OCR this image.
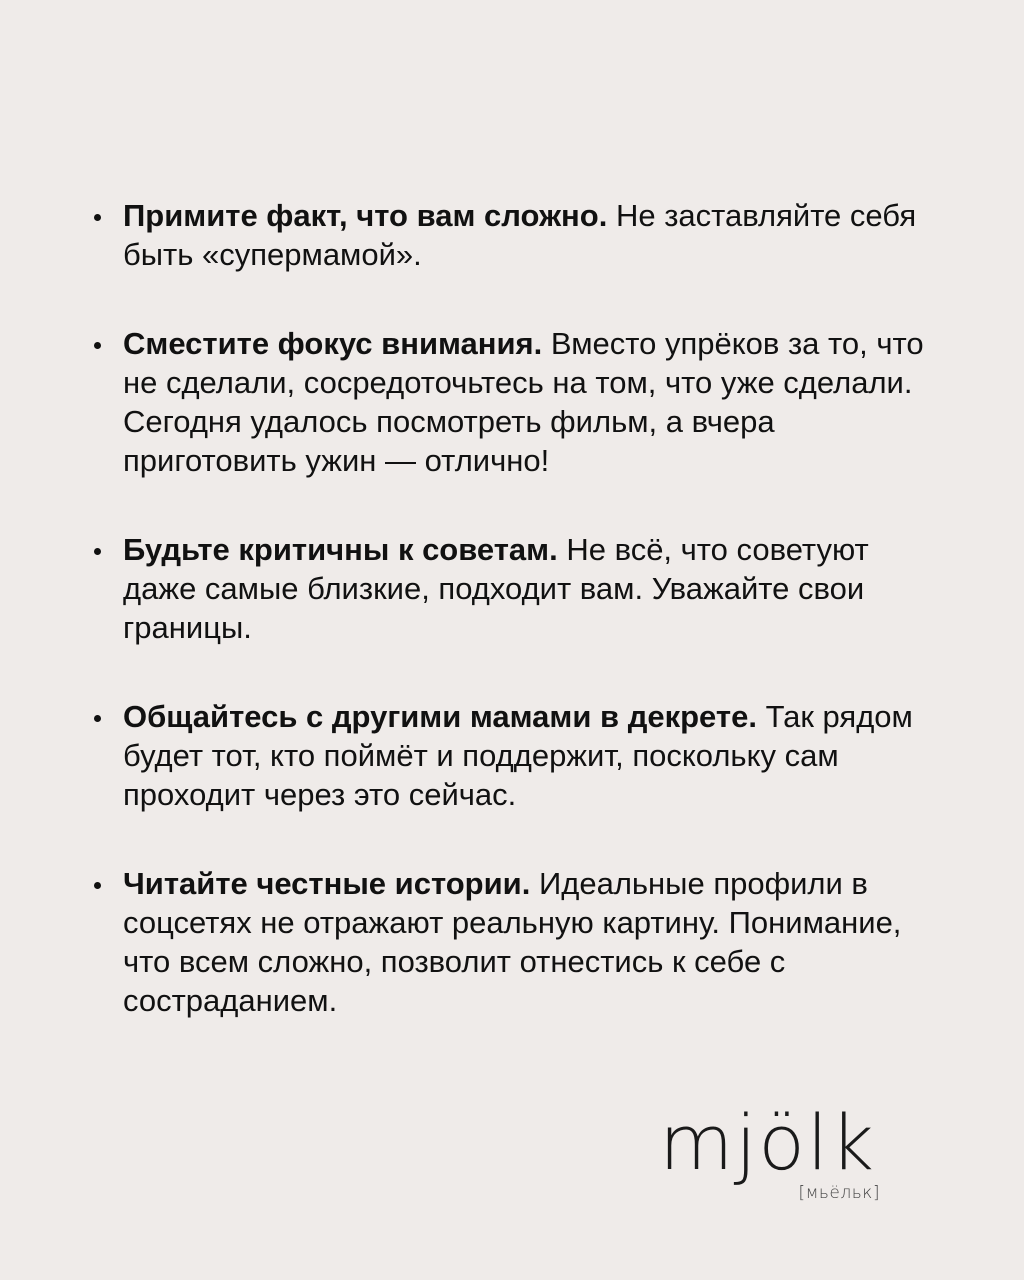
Примите факт, что вам сложно. Не заставляйте себя быть «супермамой».
Сместите фокус внимания. Вместо упрёков за то, что не сделали, сосредоточьтесь на том, что уже сделали. Сегодня удалось посмотреть фильм, а вчера приготовить ужин — отлично!
Будьте критичны к советам. Не всё, что советуют даже самые близкие, подходит вам. Уважайте свои границы.
Общайтесь с другими мамами в декрете. Так рядом будет тот, кто поймёт и поддержит, поскольку сам проходит через это сейчас.
Читайте честные истории. Идеальные профили в соцсетях не отражают реальную картину. Понимание, что всем сложно, позволит отнестись к себе с состраданием.
mjölk
[мьёльк]
